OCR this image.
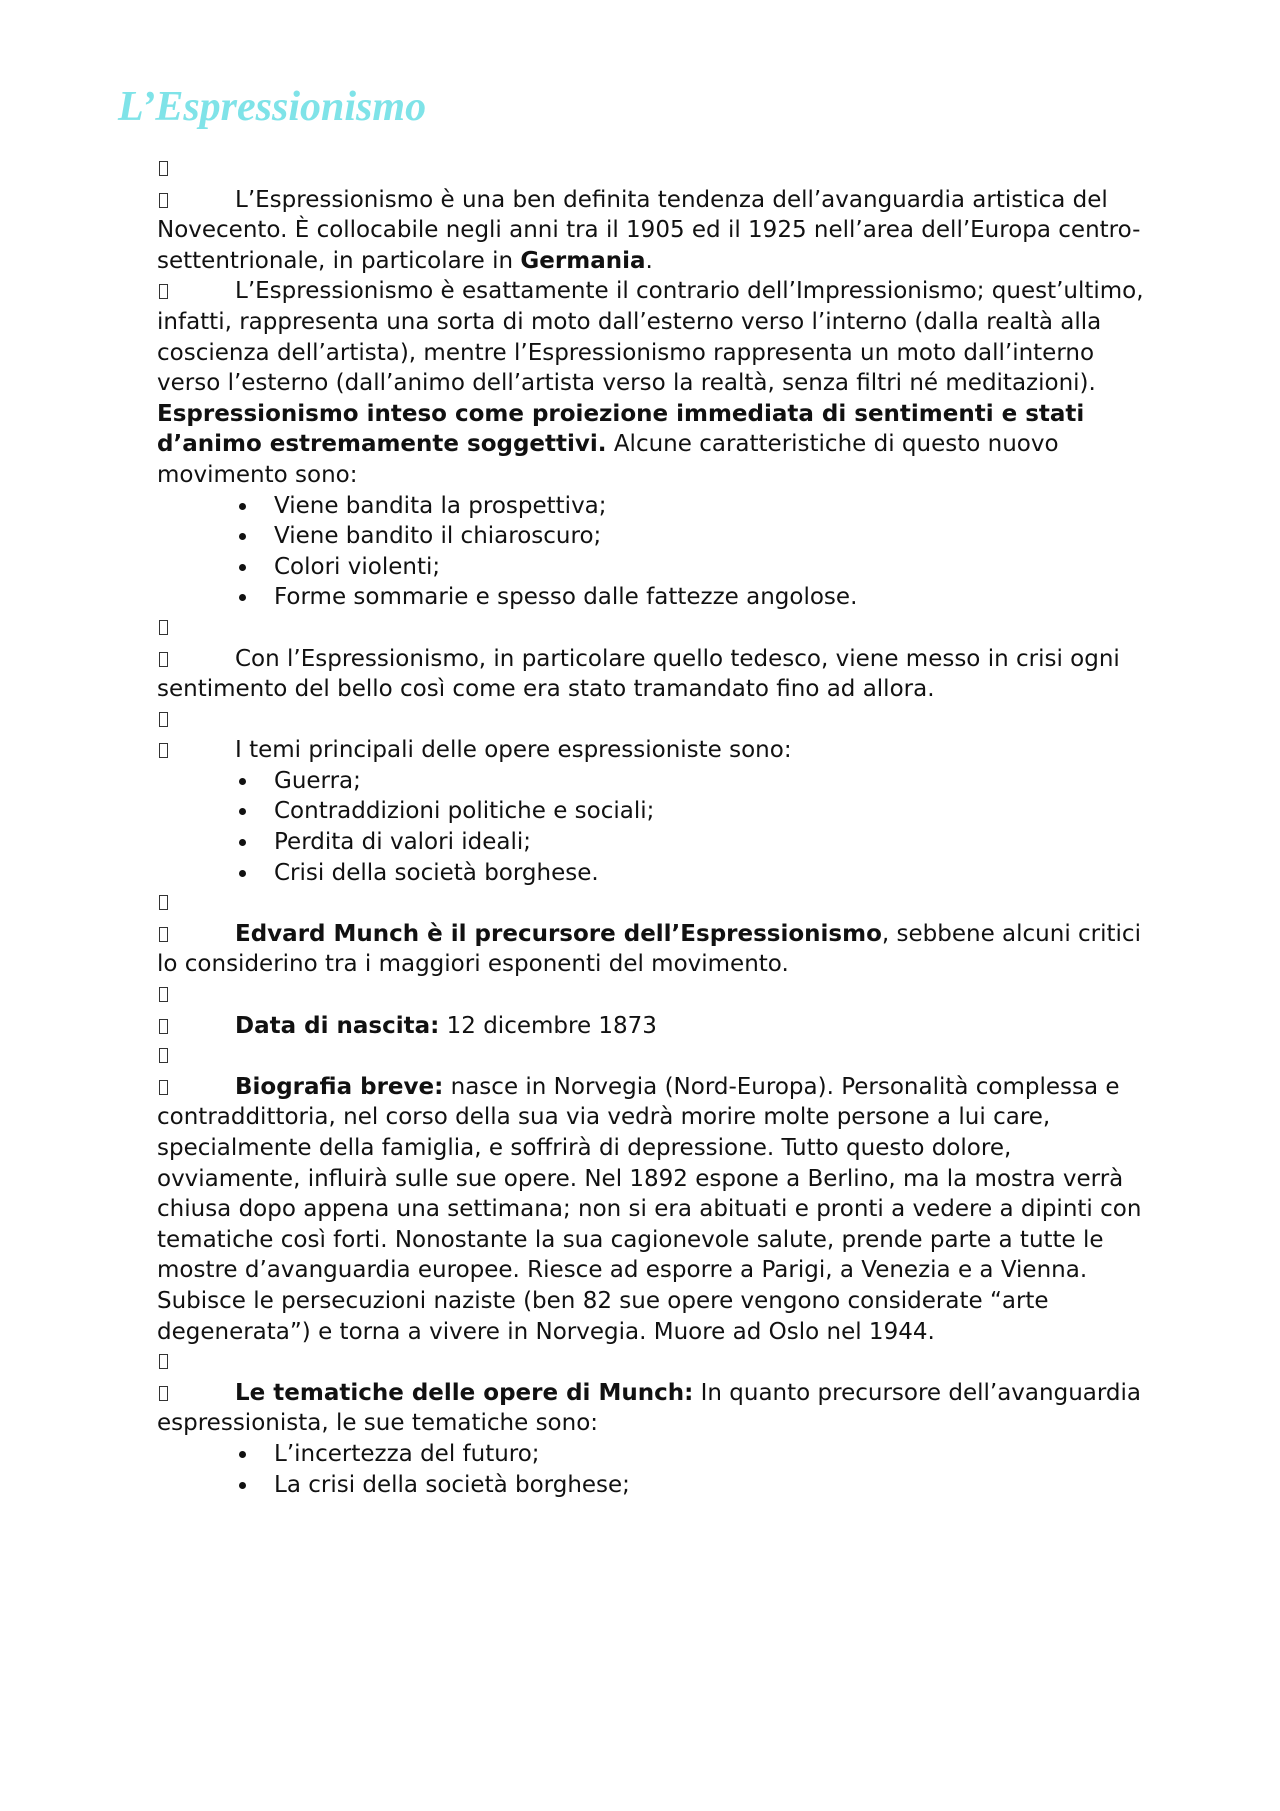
L’Espressionismo

L’Espressionismo è una ben definita tendenza dell’avanguardia artistica del Novecento. È collocabile negli anni tra il 1905 ed il 1925 nell’area dell’Europa centro-settentrionale, in particolare in Germania.

L’Espressionismo è esattamente il contrario dell’Impressionismo; quest’ultimo, infatti, rappresenta una sorta di moto dall’esterno verso l’interno (dalla realtà alla coscienza dell’artista), mentre l’Espressionismo rappresenta un moto dall’interno verso l’esterno (dall’animo dell’artista verso la realtà, senza filtri né meditazioni). Espressionismo inteso come proiezione immediata di sentimenti e stati d’animo estremamente soggettivi. Alcune caratteristiche di questo nuovo movimento sono:

Viene bandita la prospettiva;
Viene bandito il chiaroscuro;
Colori violenti;
Forme sommarie e spesso dalle fattezze angolose.

Con l’Espressionismo, in particolare quello tedesco, viene messo in crisi ogni sentimento del bello così come era stato tramandato fino ad allora.

I temi principali delle opere espressioniste sono:

Guerra;
Contraddizioni politiche e sociali;
Perdita di valori ideali;
Crisi della società borghese.

Edvard Munch è il precursore dell’Espressionismo, sebbene alcuni critici lo considerino tra i maggiori esponenti del movimento.

Data di nascita: 12 dicembre 1873

Biografia breve: nasce in Norvegia (Nord-Europa). Personalità complessa e contraddittoria, nel corso della sua via vedrà morire molte persone a lui care, specialmente della famiglia, e soffrirà di depressione. Tutto questo dolore, ovviamente, influirà sulle sue opere. Nel 1892 espone a Berlino, ma la mostra verrà chiusa dopo appena una settimana; non si era abituati e pronti a vedere a dipinti con tematiche così forti. Nonostante la sua cagionevole salute, prende parte a tutte le mostre d’avanguardia europee. Riesce ad esporre a Parigi, a Venezia e a Vienna. Subisce le persecuzioni naziste (ben 82 sue opere vengono considerate “arte degenerata”) e torna a vivere in Norvegia. Muore ad Oslo nel 1944.

Le tematiche delle opere di Munch: In quanto precursore dell’avanguardia espressionista, le sue tematiche sono:

L’incertezza del futuro;
La crisi della società borghese;
